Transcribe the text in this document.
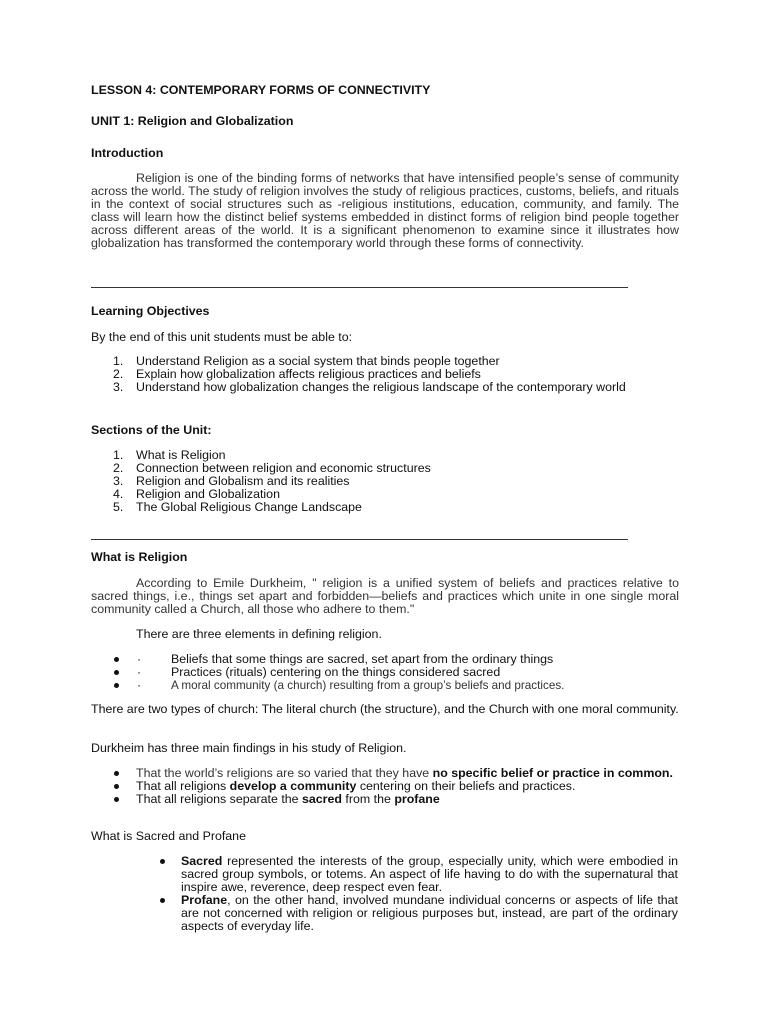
LESSON 4: CONTEMPORARY FORMS OF CONNECTIVITY

UNIT 1: Religion and Globalization

Introduction

Religion is one of the binding forms of networks that have intensified people’s sense of community across the world. The study of religion involves the study of religious practices, customs, beliefs, and rituals in the context of social structures such as -religious institutions, education, community, and family. The class will learn how the distinct belief systems embedded in distinct forms of religion bind people together across different areas of the world. It is a significant phenomenon to examine since it illustrates how globalization has transformed the contemporary world through these forms of connectivity.

Learning Objectives

By the end of this unit students must be able to:

1. Understand Religion as a social system that binds people together
2. Explain how globalization affects religious practices and beliefs
3. Understand how globalization changes the religious landscape of the contemporary world

Sections of the Unit:

1. What is Religion
2. Connection between religion and economic structures
3. Religion and Globalism and its realities
4. Religion and Globalization
5. The Global Religious Change Landscape

What is Religion

According to Emile Durkheim, " religion is a unified system of beliefs and practices relative to sacred things, i.e., things set apart and forbidden—beliefs and practices which unite in one single moral community called a Church, all those who adhere to them."

There are three elements in defining religion.

· Beliefs that some things are sacred, set apart from the ordinary things
· Practices (rituals) centering on the things considered sacred
·	A moral community (a church) resulting from a group’s beliefs and practices.

There are two types of church: The literal church (the structure), and the Church with one moral community.

Durkheim has three main findings in his study of Religion.

That the world’s religions are so varied that they have no specific belief or practice in common.
That all religions develop a community centering on their beliefs and practices.
That all religions separate the sacred from the profane

What is Sacred and Profane

Sacred represented the interests of the group, especially unity, which were embodied in sacred group symbols, or totems. An aspect of life having to do with the supernatural that inspire awe, reverence, deep respect even fear.
Profane, on the other hand, involved mundane individual concerns or aspects of life that are not concerned with religion or religious purposes but, instead, are part of the ordinary aspects of everyday life.
